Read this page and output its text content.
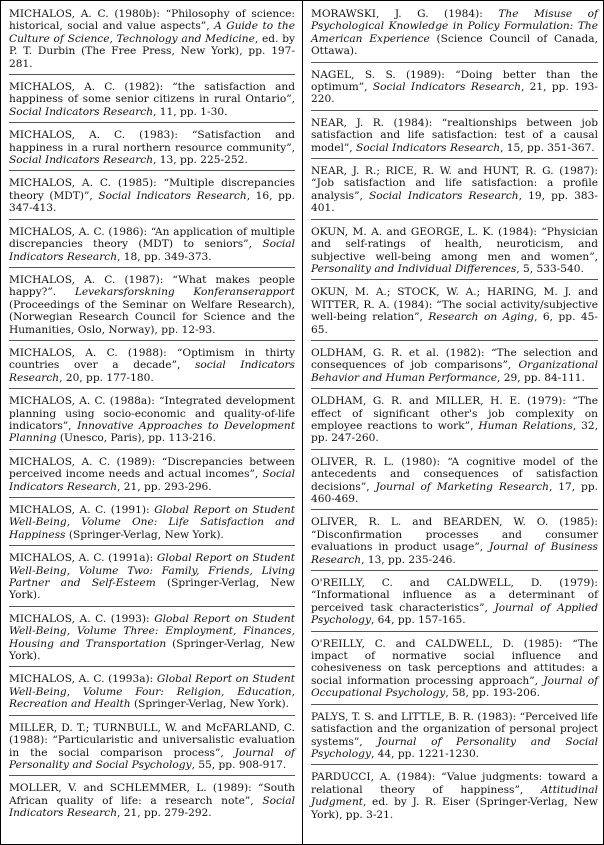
MICHALOS, A. C. (1980b): “Philosophy of science: historical, social and value aspects”, A Guide to the Culture of Science, Technology and Medicine, ed. by P. T. Durbin (The Free Press, New York), pp. 197-281.

MICHALOS, A. C. (1982): “the satisfaction and happiness of some senior citizens in rural Ontario”, Social Indicators Research, 11, pp. 1-30.

MICHALOS, A. C. (1983): “Satisfaction and happiness in a rural northern resource community”, Social Indicators Research, 13, pp. 225-252.

MICHALOS, A. C. (1985): “Multiple discrepancies theory (MDT)”, Social Indicators Research, 16, pp. 347-413.

MICHALOS, A. C. (1986): “An application of multiple discrepancies theory (MDT) to seniors”, Social Indicators Research, 18, pp. 349-373.

MICHALOS, A. C. (1987): “What makes people happy?”. Levekarsforskning Konferanserapport (Proceedings of the Seminar on Welfare Research), (Norwegian Research Council for Science and the Humanities, Oslo, Norway), pp. 12-93.

MICHALOS, A. C. (1988): “Optimism in thirty countries over a decade”, social Indicators Research, 20, pp. 177-180.

MICHALOS, A. C. (1988a): “Integrated development planning using socio-economic and quality-of-life indicators”, Innovative Approaches to Development Planning (Unesco, Paris), pp. 113-216.

MICHALOS, A. C. (1989): “Discrepancies between perceived income needs and actual incomes”, Social Indicators Research, 21, pp. 293-296.

MICHALOS, A. C. (1991): Global Report on Student Well-Being, Volume One: Life Satisfaction and Happiness (Springer-Verlag, New York).

MICHALOS, A. C. (1991a): Global Report on Student Well-Being, Volume Two: Family, Friends, Living Partner and Self-Esteem (Springer-Verlag, New York).

MICHALOS, A. C. (1993): Global Report on Student Well-Being, Volume Three: Employment, Finances, Housing and Transportation (Springer-Verlag, New York).

MICHALOS, A. C. (1993a): Global Report on Student Well-Being, Volume Four: Religion, Education, Recreation and Health (Springer-Verlag, New York).

MILLER, D. T.; TURNBULL, W. and McFARLAND, C. (1988): “Particularistic and universalistic evaluation in the social comparison process”, Journal of Personality and Social Psychology, 55, pp. 908-917.

MOLLER, V. and SCHLEMMER, L. (1989): “South African quality of life: a research note”, Social Indicators Research, 21, pp. 279-292.

MORAWSKI, J. G. (1984): The Misuse of Psychological Knowledge in Policy Formulation: The American Experience (Science Council of Canada, Ottawa).

NAGEL, S. S. (1989): “Doing better than the optimum”, Social Indicators Research, 21, pp. 193-220.

NEAR, J. R. (1984): “realtionships between job satisfaction and life satisfaction: test of a causal model”, Social Indicators Research, 15, pp. 351-367.

NEAR, J. R.; RICE, R. W. and HUNT, R. G. (1987): “Job satisfaction and life satisfaction: a profile analysis”, Social Indicators Research, 19, pp. 383-401.

OKUN, M. A. and GEORGE, L. K. (1984): “Physician and self-ratings of health, neuroticism, and subjective well-being among men and women”, Personality and Individual Differences, 5, 533-540.

OKUN, M. A.; STOCK, W. A.; HARING, M. J. and WITTER, R. A. (1984): “The social activity/subjective well-being relation”, Research on Aging, 6, pp. 45-65.

OLDHAM, G. R. et al. (1982): “The selection and consequences of job comparisons”, Organizational Behavior and Human Performance, 29, pp. 84-111.

OLDHAM, G. R. and MILLER, H. E. (1979): “The effect of significant other's job complexity on employee reactions to work”, Human Relations, 32, pp. 247-260.

OLIVER, R. L. (1980): “A cognitive model of the antecedents and consequences of satisfaction decisions”, Journal of Marketing Research, 17, pp. 460-469.

OLIVER, R. L. and BEARDEN, W. O. (1985): “Disconfirmation processes and consumer evaluations in product usage”, Journal of Business Research, 13, pp. 235-246.

O'REILLY, C. and CALDWELL, D. (1979): “Informational influence as a determinant of perceived task characteristics”, Journal of Applied Psychology, 64, pp. 157-165.

O'REILLY, C. and CALDWELL, D. (1985): “The impact of normative social influence and cohesiveness on task perceptions and attitudes: a social information processing approach”, Journal of Occupational Psychology, 58, pp. 193-206.

PALYS, T. S. and LITTLE, B. R. (1983): “Perceived life satisfaction and the organization of personal project systems”, Journal of Personality and Social Psychology, 44, pp. 1221-1230.

PARDUCCI, A. (1984): “Value judgments: toward a relational theory of happiness”, Attitudinal Judgment, ed. by J. R. Eiser (Springer-Verlag, New York), pp. 3-21.
